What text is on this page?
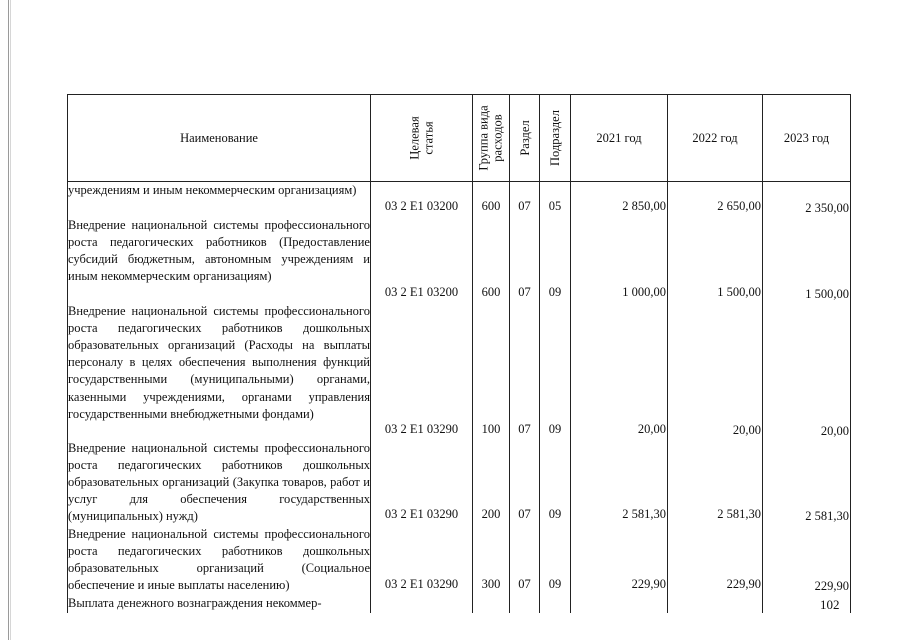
Наименование	Целевая статья	Группа вида расходов	Раздел	Подраздел	2021 год	2022 год	2023 год
учреждениям и иным некоммерческим организациям)	03 2 E1 03200	600	07	05	2 850,00	2 650,00	2 350,00

Внедрение национальной системы профессионального роста педагогических работников (Предоставление субсидий бюджетным, автономным учреждениям и иным некоммерческим организациям)	03 2 E1 03200	600	07	09	1 000,00	1 500,00	1 500,00

Внедрение национальной системы профессионального роста педагогических работников дошкольных образовательных организаций (Расходы на выплаты персоналу в целях обеспечения выполнения функций государственными (муниципальными) органами, казенными учреждениями, органами управления государственными внебюджетными фондами)	03 2 E1 03290	100	07	09	20,00	20,00	20,00

Внедрение национальной системы профессионального роста педагогических работников дошкольных образовательных организаций (Закупка товаров, работ и услуг для обеспечения государственных (муниципальных) нужд)	03 2 E1 03290	200	07	09	2 581,30	2 581,30	2 581,30

Внедрение национальной системы профессионального роста педагогических работников дошкольных образовательных организаций (Социальное обеспечение и иные выплаты населению)	03 2 E1 03290	300	07	09	229,90	229,90	229,90

Выплата денежного вознаграждения некоммер-								102
